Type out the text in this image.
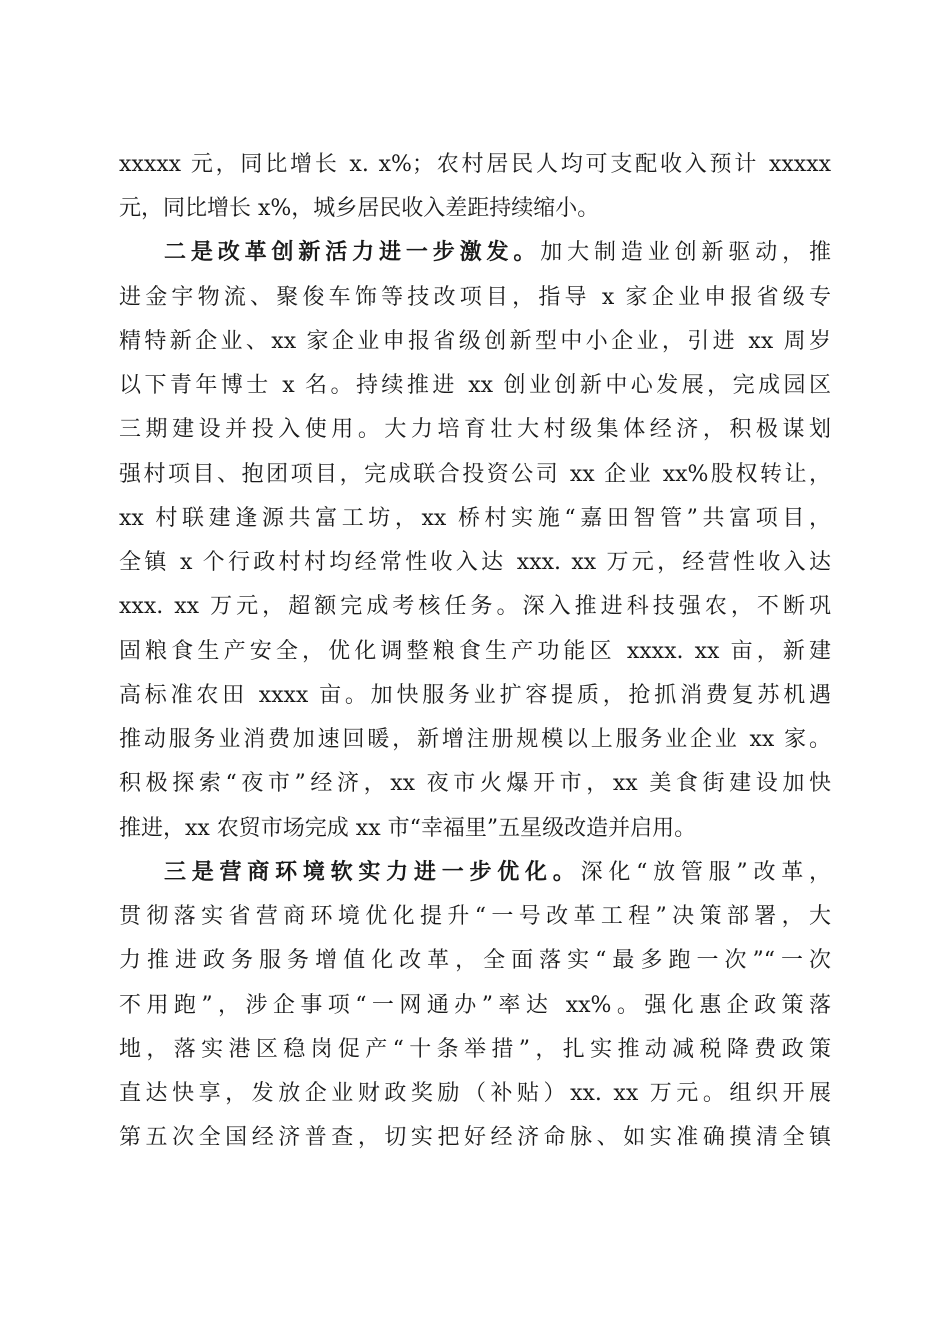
xxxxx 元，同比增长 x. x%；农村居民人均可支配收入预计 xxxxx
元，同比增长 x%，城乡居民收入差距持续缩小。
二是改革创新活力进一步激发。加大制造业创新驱动，推
进金宇物流、聚俊车饰等技改项目，指导 x 家企业申报省级专
精特新企业、xx 家企业申报省级创新型中小企业，引进 xx 周岁
以下青年博士 x 名。持续推进 xx 创业创新中心发展，完成园区
三期建设并投入使用。大力培育壮大村级集体经济，积极谋划
强村项目、抱团项目，完成联合投资公司 xx 企业 xx%股权转让，
xx 村联建逢源共富工坊，xx 桥村实施“嘉田智管”共富项目，
全镇 x 个行政村村均经常性收入达 xxx. xx 万元，经营性收入达
xxx. xx 万元，超额完成考核任务。深入推进科技强农，不断巩
固粮食生产安全，优化调整粮食生产功能区 xxxx. xx 亩，新建
高标准农田 xxxx 亩。加快服务业扩容提质，抢抓消费复苏机遇
推动服务业消费加速回暖，新增注册规模以上服务业企业 xx 家。
积极探索“夜市”经济，xx 夜市火爆开市，xx 美食街建设加快
推进，xx 农贸市场完成 xx 市“幸福里”五星级改造并启用。
三是营商环境软实力进一步优化。深化“放管服”改革，
贯彻落实省营商环境优化提升“一号改革工程”决策部署，大
力推进政务服务增值化改革，全面落实“最多跑一次”“一次
不用跑”，涉企事项“一网通办”率达 xx%。强化惠企政策落
地，落实港区稳岗促产“十条举措”，扎实推动减税降费政策
直达快享，发放企业财政奖励（补贴）xx. xx 万元。组织开展
第五次全国经济普查，切实把好经济命脉、如实准确摸清全镇
